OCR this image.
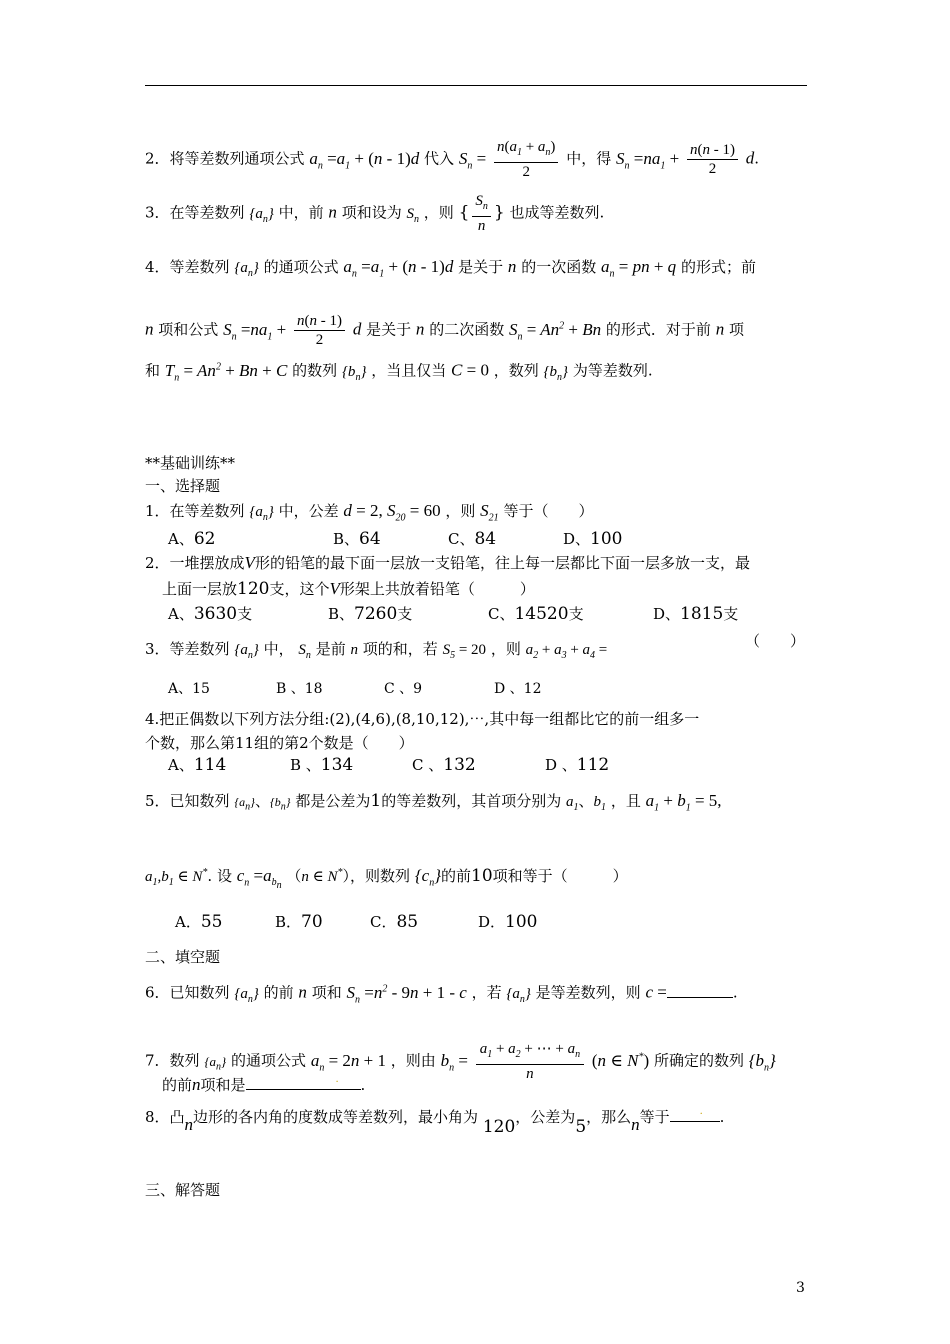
2．将等差数列通项公式 $a_n =a_1 + (n - 1)d$ 代入 $S_n = \frac{n(a_1 + a_n)}{2}$ 中，得 $S_n =na_1 + \frac{n(n - 1)}{2} d$.
3．在等差数列 $\{a_n\}$ 中，前 n 项和设为 $S_n$ ，则 { $\frac{S_n}{n}$ } 也成等差数列.
4．等差数列 $\{a_n\}$ 的通项公式 $a_n =a_1 + (n - 1)d$ 是关于 n 的一次函数 $a_n$ = pn + q 的形式；前
n 项和公式 $S_n =na_1 + \frac{n(n - 1)}{2}$ d 是关于 n 的二次函数 $S_n = An^2 + Bn$ 的形式．对于前 n 项
和 $T_n = An^2 + Bn + C$ 的数列 $\{b_n\}$ ，当且仅当 C = 0 ，数列 $\{b_n\}$ 为等差数列.
**基础训练**
一、选择题
1．在等差数列 $\{a_n\}$ 中，公差 d = 2, $S_{20} = 60$ ，则 $S_{21}$ 等于（　　）
A、62	B、64	C、84	D、100
2．一堆摆放成V形的铅笔的最下面一层放一支铅笔，往上每一层都比下面一层多放一支，最
上面一层放120支，这个V形架上共放着铅笔（　　　）
A、3630支	B、7260支	C、14520支	D、1815支
3．等差数列 $\{a_n\}$ 中， $S_n$ 是前 n 项的和，若 $S_5 = 20$ ，则 $a_2 + a_3 + a_4$ =	（　　）
A、15	B 、18	C 、9	D 、12
4.把正偶数以下列方法分组:(2),(4,6),(8,10,12),⋯,其中每一组都比它的前一组多一
个数，那么第11组的第2个数是（　　）
A、114	B 、134	C 、132	D 、112
5．已知数列 $\{a_n\}$、$\{b_n\}$ 都是公差为1的等差数列，其首项分别为 $a_1$、$b_1$ ，且 $a_1 + b_1 = 5$,
$a_1,b_1$ ∈ N*. 设 $c_n =a_{b_n}$ （n ∈ N*），则数列 $\{c_n\}$的前10项和等于（　　　）
A．55	B．70	C．85	D．100
二、填空题
6．已知数列 $\{a_n\}$ 的前 n 项和 $S_n =n^2 - 9n + 1 - c$ ，若 $\{a_n\}$ 是等差数列，则 c =	.
7．数列 $\{a_n\}$ 的通项公式 $a_n = 2n + 1$ ，则由 $b_n = \frac{a_1 + a_2 + \cdots + a_n}{n} (n$ ∈ N*) 所确定的数列 $\{b_n\}$
的前n项和是	. .
8．凸n边形的各内角的度数成等差数列，最小角为 120，公差为5，那么n等于	. .
三、解答题
3
